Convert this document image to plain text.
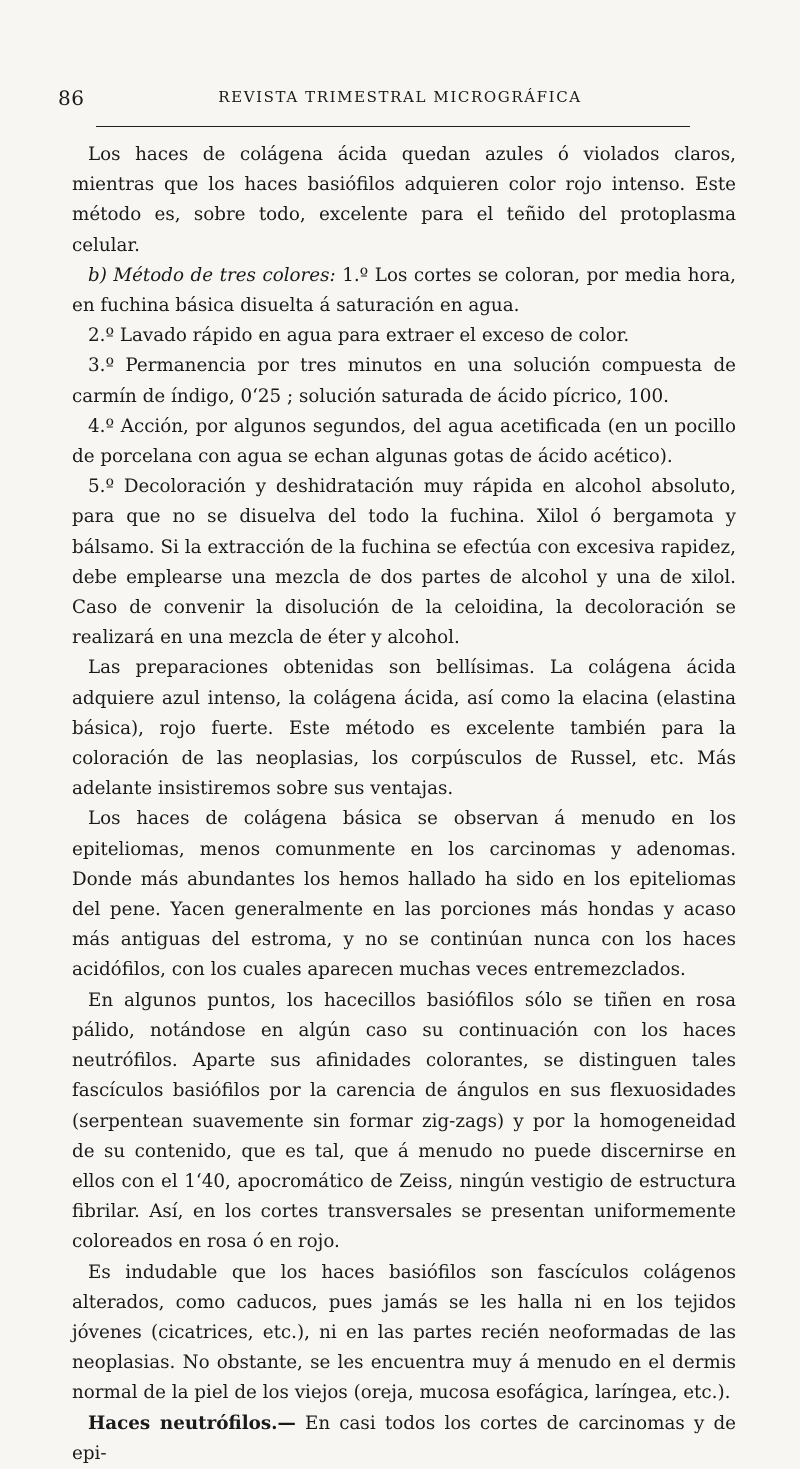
86	REVISTA TRIMESTRAL MICROGRÁFICA

Los haces de colágena ácida quedan azules ó violados claros, mientras que los haces basiófilos adquieren color rojo intenso. Este método es, sobre todo, excelente para el teñido del protoplasma celular.

b) Método de tres colores: 1.º Los cortes se coloran, por media hora, en fuchina básica disuelta á saturación en agua.

2.º Lavado rápido en agua para extraer el exceso de color.

3.º Permanencia por tres minutos en una solución compuesta de carmín de índigo, 0‘25 ; solución saturada de ácido pícrico, 100.

4.º Acción, por algunos segundos, del agua acetificada (en un pocillo de porcelana con agua se echan algunas gotas de ácido acético).

5.º Decoloración y deshidratación muy rápida en alcohol absoluto, para que no se disuelva del todo la fuchina. Xilol ó bergamota y bálsamo. Si la extracción de la fuchina se efectúa con excesiva rapidez, debe emplearse una mezcla de dos partes de alcohol y una de xilol. Caso de convenir la disolución de la celoidina, la decoloración se realizará en una mezcla de éter y alcohol.

Las preparaciones obtenidas son bellísimas. La colágena ácida adquiere azul intenso, la colágena ácida, así como la elacina (elastina básica), rojo fuerte. Este método es excelente también para la coloración de las neoplasias, los corpúsculos de Russel, etc. Más adelante insistiremos sobre sus ventajas.

Los haces de colágena básica se observan á menudo en los epiteliomas, menos comunmente en los carcinomas y adenomas. Donde más abundantes los hemos hallado ha sido en los epiteliomas del pene. Yacen generalmente en las porciones más hondas y acaso más antiguas del estroma, y no se continúan nunca con los haces acidófilos, con los cuales aparecen muchas veces entremezclados.

En algunos puntos, los hacecillos basiófilos sólo se tiñen en rosa pálido, notándose en algún caso su continuación con los haces neutrófilos. Aparte sus afinidades colorantes, se distinguen tales fascículos basiófilos por la carencia de ángulos en sus flexuosidades (serpentean suavemente sin formar zig-zags) y por la homogeneidad de su contenido, que es tal, que á menudo no puede discernirse en ellos con el 1‘40, apocromático de Zeiss, ningún vestigio de estructura fibrilar. Así, en los cortes transversales se presentan uniformemente coloreados en rosa ó en rojo.

Es indudable que los haces basiófilos son fascículos colágenos alterados, como caducos, pues jamás se les halla ni en los tejidos jóvenes (cicatrices, etc.), ni en las partes recién neoformadas de las neoplasias. No obstante, se les encuentra muy á menudo en el dermis normal de la piel de los viejos (oreja, mucosa esofágica, laríngea, etc.).

Haces neutrófilos.— En casi todos los cortes de carcinomas y de epi-
